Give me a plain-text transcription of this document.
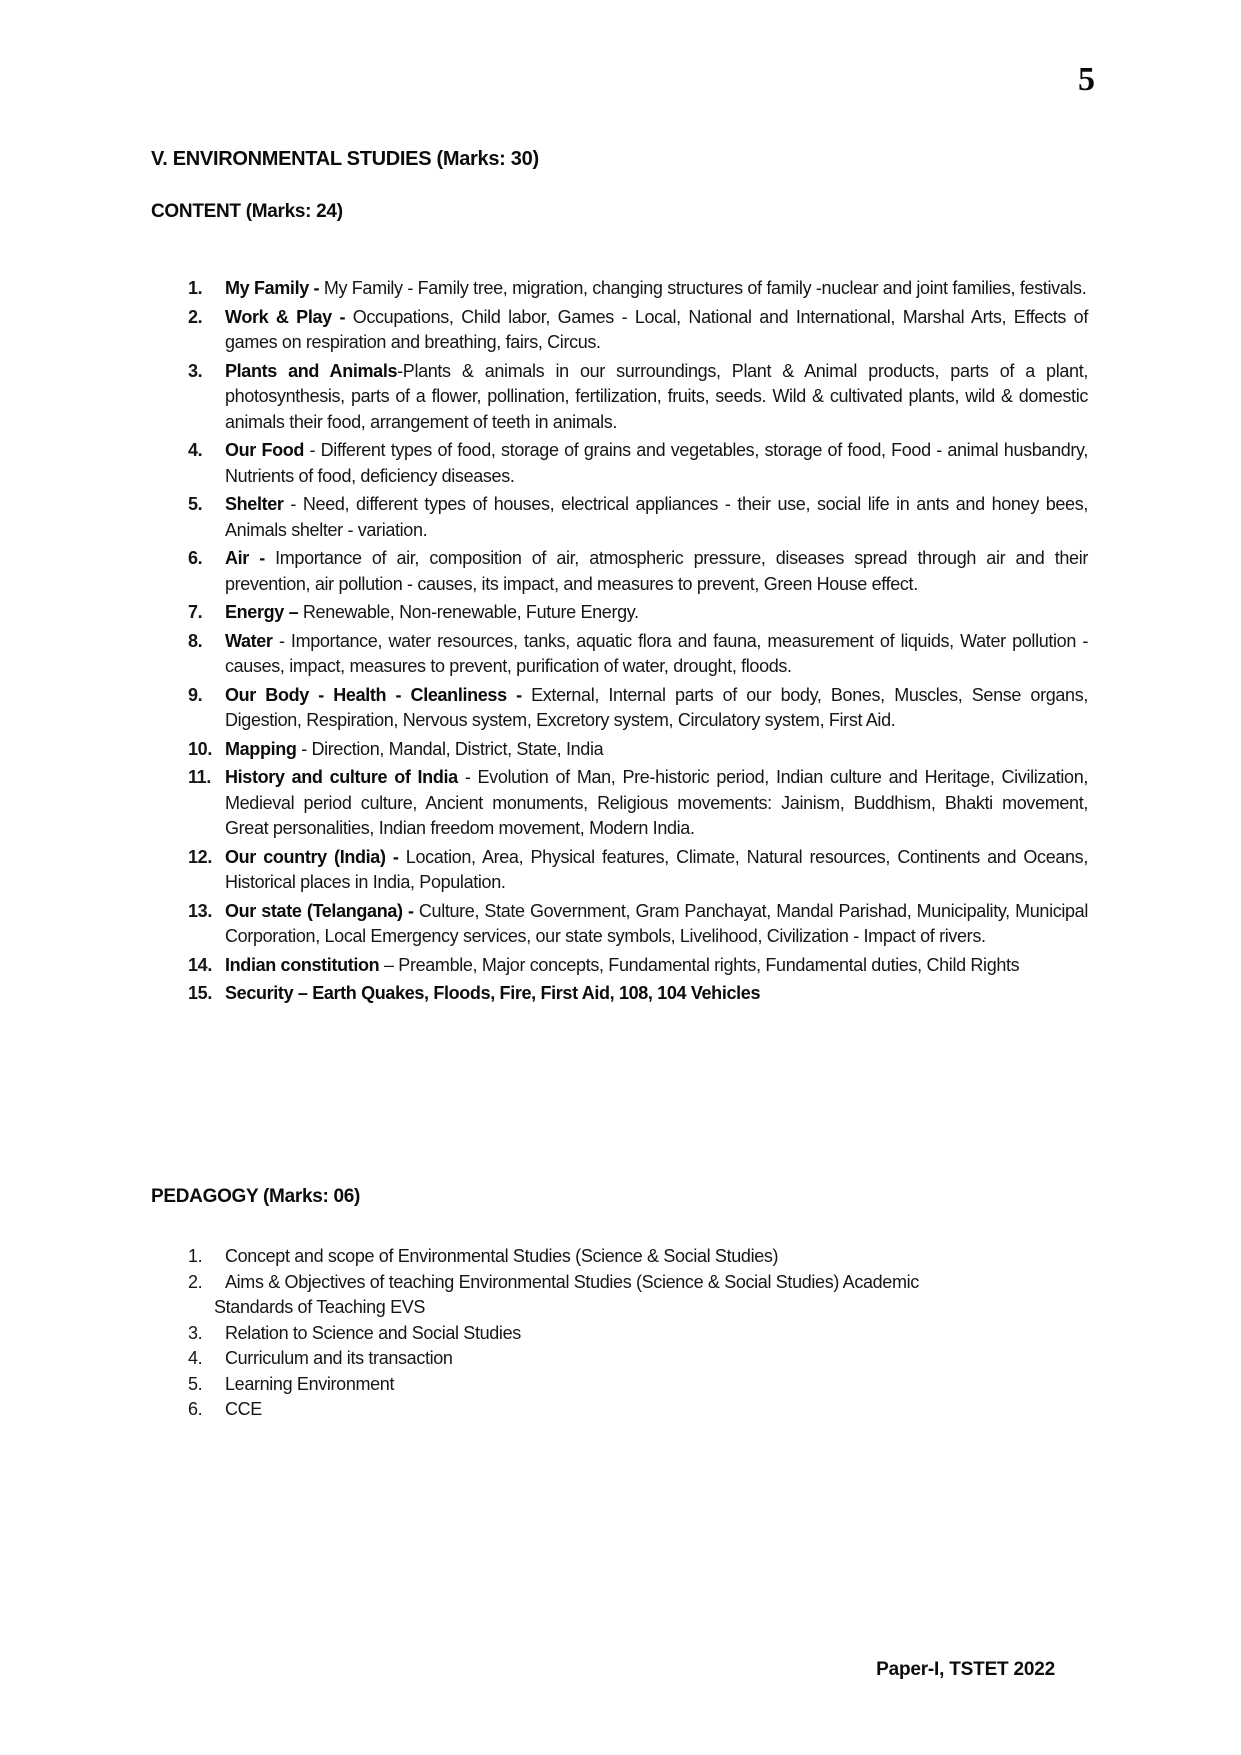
5
V. ENVIRONMENTAL STUDIES (Marks: 30)
CONTENT (Marks: 24)
1. My Family - My Family - Family tree, migration, changing structures of family -nuclear and joint families, festivals.
2. Work & Play - Occupations, Child labor, Games - Local, National and International, Marshal Arts, Effects of games on respiration and breathing, fairs, Circus.
3. Plants and Animals-Plants & animals in our surroundings, Plant & Animal products, parts of a plant, photosynthesis, parts of a flower, pollination, fertilization, fruits, seeds. Wild & cultivated plants, wild & domestic animals their food, arrangement of teeth in animals.
4. Our Food - Different types of food, storage of grains and vegetables, storage of food, Food - animal husbandry, Nutrients of food, deficiency diseases.
5. Shelter - Need, different types of houses, electrical appliances - their use, social life in ants and honey bees, Animals shelter - variation.
6. Air - Importance of air, composition of air, atmospheric pressure, diseases spread through air and their prevention, air pollution - causes, its impact, and measures to prevent, Green House effect.
7. Energy – Renewable, Non-renewable, Future Energy.
8. Water - Importance, water resources, tanks, aquatic flora and fauna, measurement of liquids, Water pollution - causes, impact, measures to prevent, purification of water, drought, floods.
9. Our Body - Health - Cleanliness - External, Internal parts of our body, Bones, Muscles, Sense organs, Digestion, Respiration, Nervous system, Excretory system, Circulatory system, First Aid.
10. Mapping - Direction, Mandal, District, State, India
11. History and culture of India - Evolution of Man, Pre-historic period, Indian culture and Heritage, Civilization, Medieval period culture, Ancient monuments, Religious movements: Jainism, Buddhism, Bhakti movement, Great personalities, Indian freedom movement, Modern India.
12. Our country (India) - Location, Area, Physical features, Climate, Natural resources, Continents and Oceans, Historical places in India, Population.
13. Our state (Telangana) - Culture, State Government, Gram Panchayat, Mandal Parishad, Municipality, Municipal Corporation, Local Emergency services, our state symbols, Livelihood, Civilization - Impact of rivers.
14. Indian constitution – Preamble, Major concepts, Fundamental rights, Fundamental duties, Child Rights
15. Security – Earth Quakes, Floods, Fire, First Aid, 108, 104 Vehicles
PEDAGOGY (Marks: 06)
1. Concept and scope of Environmental Studies (Science & Social Studies)
2. Aims & Objectives of teaching Environmental Studies (Science & Social Studies) Academic
Standards of Teaching EVS
3. Relation to Science and Social Studies
4. Curriculum and its transaction
5. Learning Environment
6. CCE
Paper-I, TSTET 2022
